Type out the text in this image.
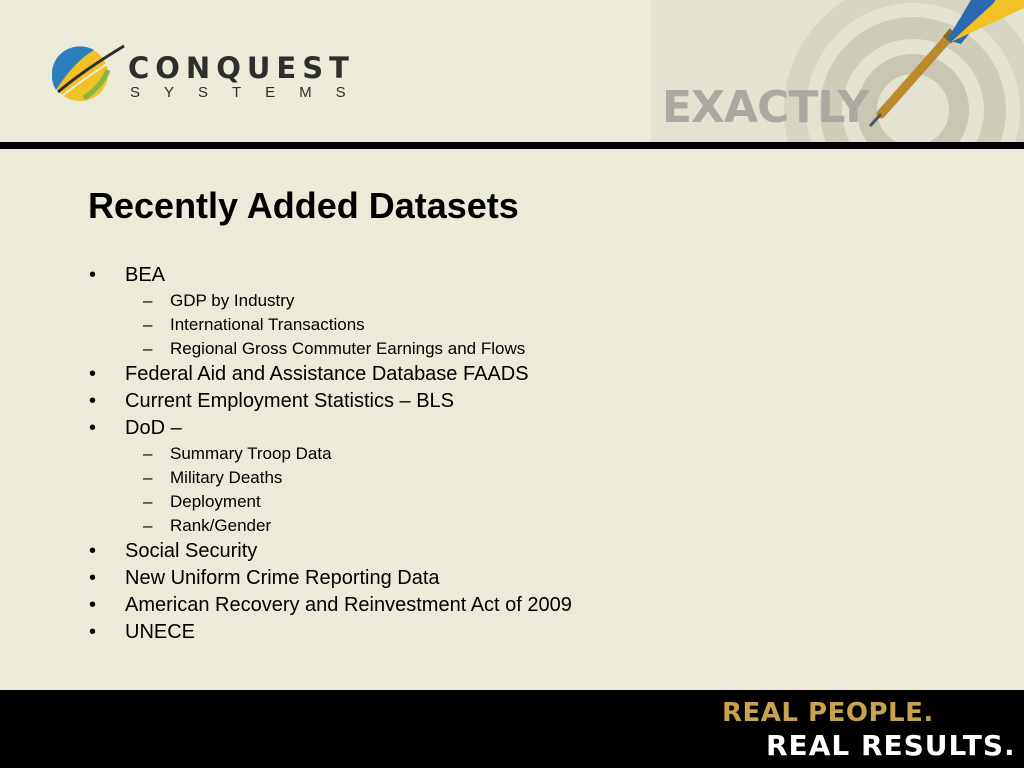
CONQUEST
SYSTEMS	EXACTLY
Recently Added Datasets
• BEA
– GDP by Industry
– International Transactions
– Regional Gross Commuter Earnings and Flows
• Federal Aid and Assistance Database FAADS
• Current Employment Statistics – BLS
• DoD –
– Summary Troop Data
– Military Deaths
– Deployment
– Rank/Gender
• Social Security
• New Uniform Crime Reporting Data
• American Recovery and Reinvestment Act of 2009
• UNECE
REAL PEOPLE.
REAL RESULTS.
